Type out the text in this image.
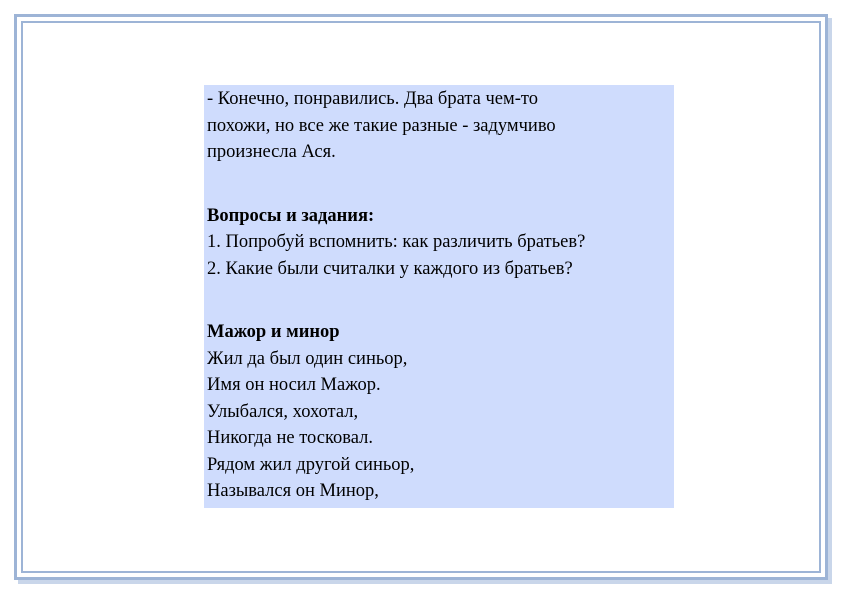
- Конечно, понравились. Два брата чем-то
похожи, но все же такие разные - задумчиво
произнесла Ася.
Вопросы и задания:
1. Попробуй вспомнить: как различить братьев?
2. Какие были считалки у каждого из братьев?
Мажор и минор
Жил да был один синьор,
Имя он носил Мажор.
Улыбался, хохотал,
Никогда не тосковал.
Рядом жил другой синьор,
Назывался он Минор,
